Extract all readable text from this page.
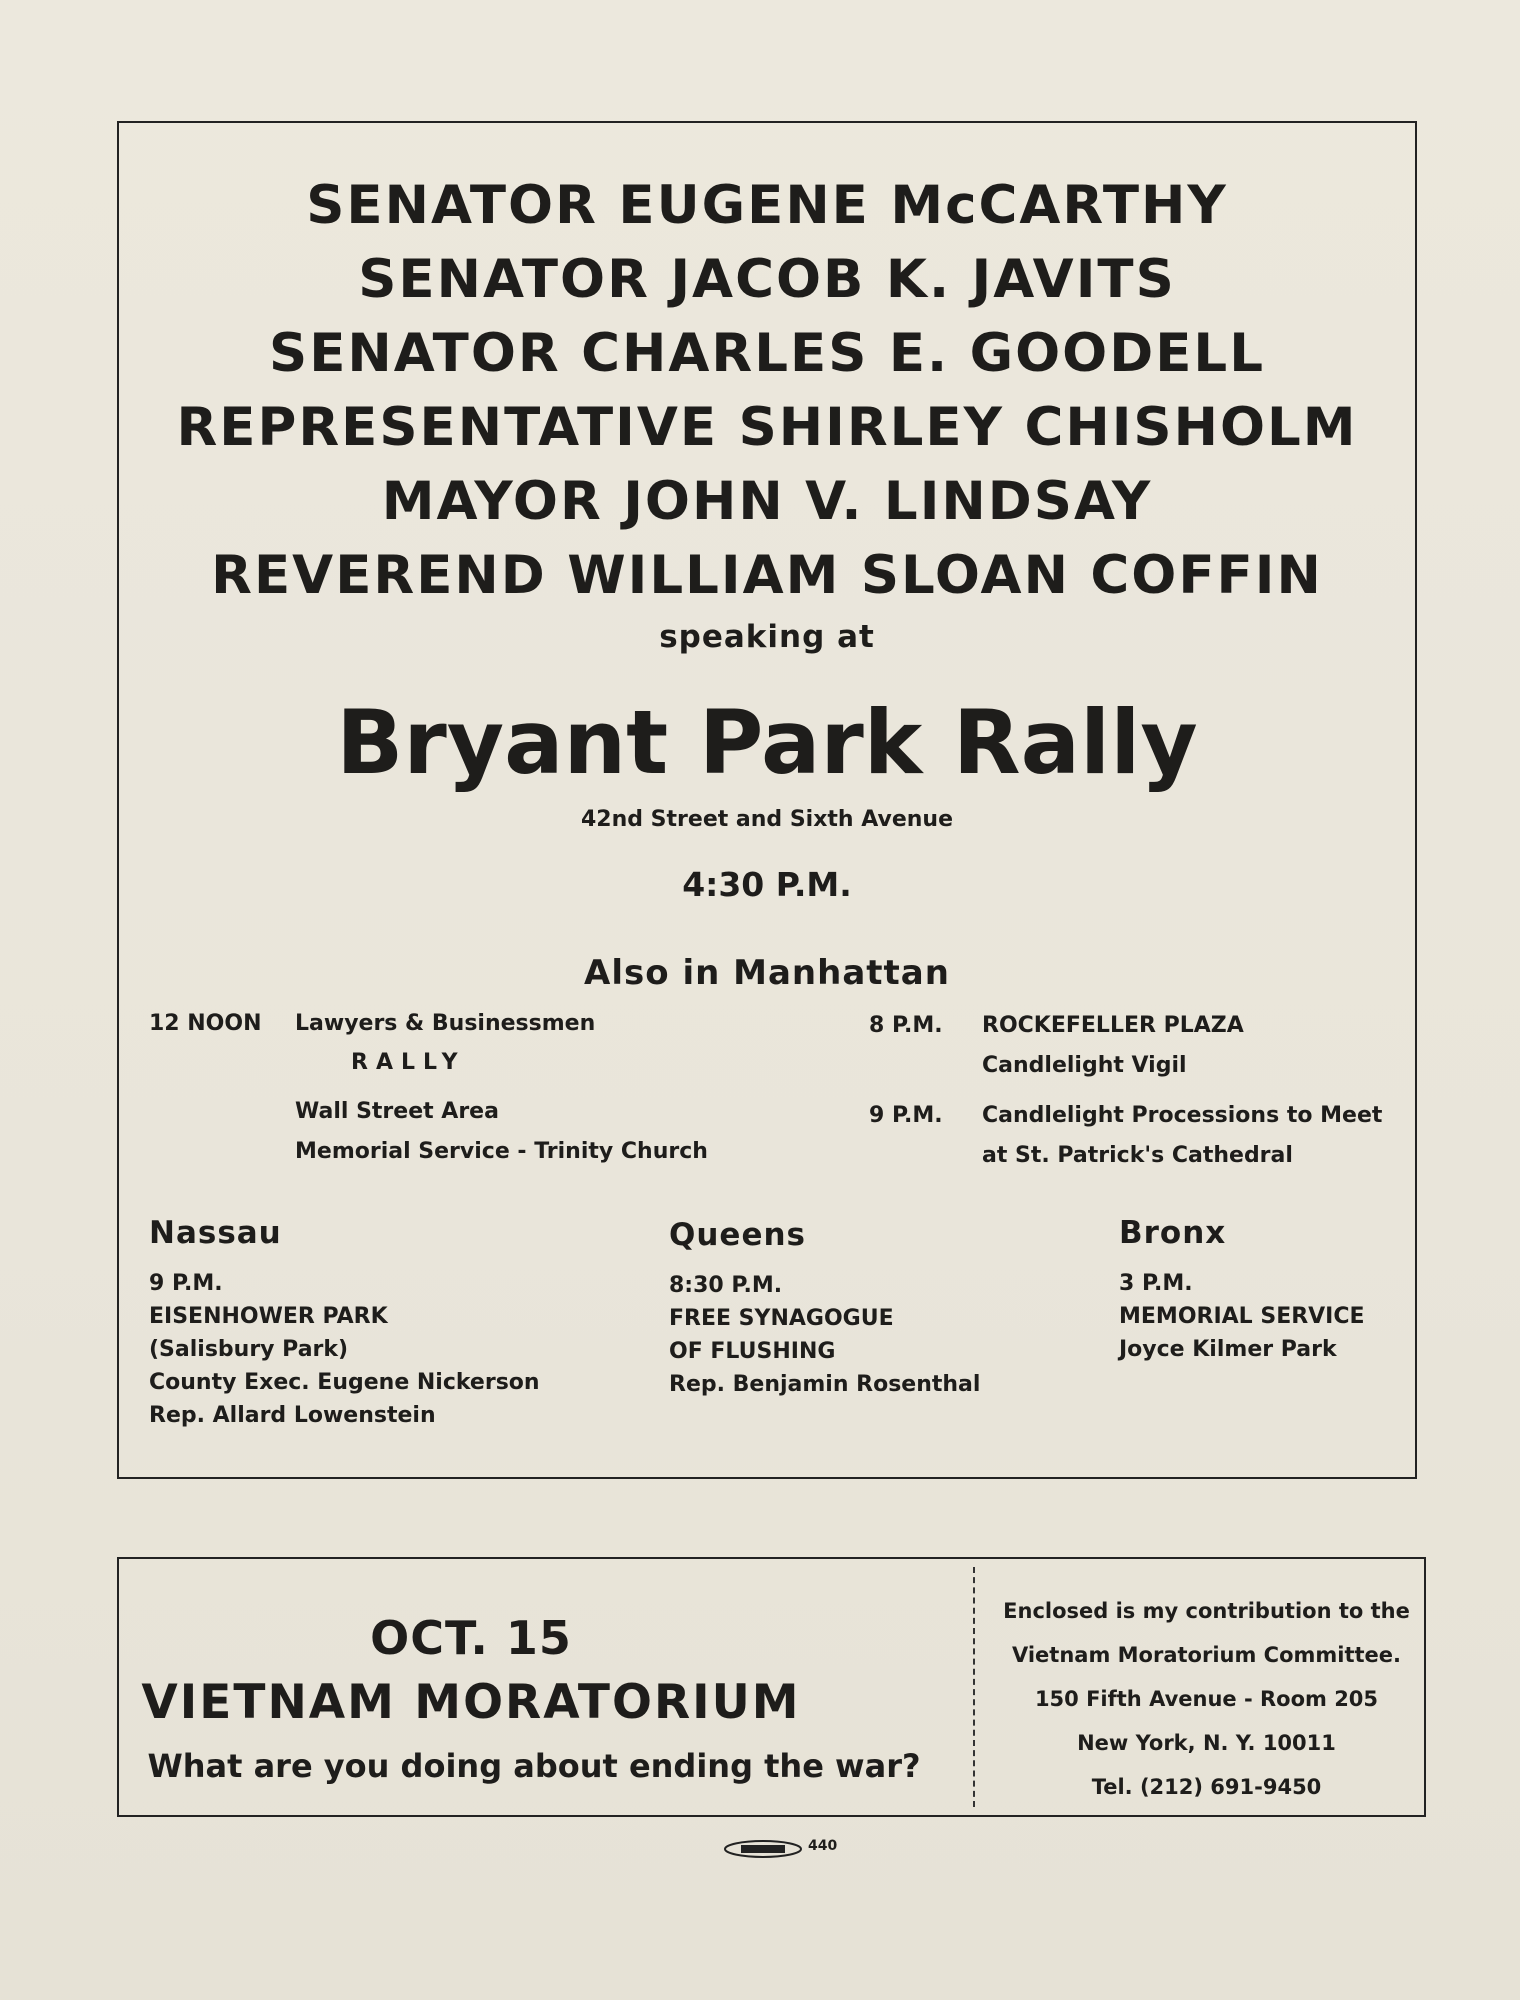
SENATOR EUGENE McCARTHY
SENATOR JACOB K. JAVITS
SENATOR CHARLES E. GOODELL
REPRESENTATIVE SHIRLEY CHISHOLM
MAYOR JOHN V. LINDSAY
REVEREND WILLIAM SLOAN COFFIN
speaking at
Bryant Park Rally
42nd Street and Sixth Avenue
4:30 P.M.
Also in Manhattan
12 NOON Lawyers & Businessmen
RALLY
Wall Street Area
Memorial Service - Trinity Church
8 P.M. ROCKEFELLER PLAZA
Candlelight Vigil
9 P.M. Candlelight Processions to Meet
at St. Patrick's Cathedral
Nassau
9 P.M.
EISENHOWER PARK
(Salisbury Park)
County Exec. Eugene Nickerson
Rep. Allard Lowenstein
Queens
8:30 P.M.
FREE SYNAGOGUE
OF FLUSHING
Rep. Benjamin Rosenthal
Bronx
3 P.M.
MEMORIAL SERVICE
Joyce Kilmer Park
OCT. 15
VIETNAM MORATORIUM
What are you doing about ending the war?
Enclosed is my contribution to the
Vietnam Moratorium Committee.
150 Fifth Avenue - Room 205
New York, N. Y. 10011
Tel. (212) 691-9450
440
